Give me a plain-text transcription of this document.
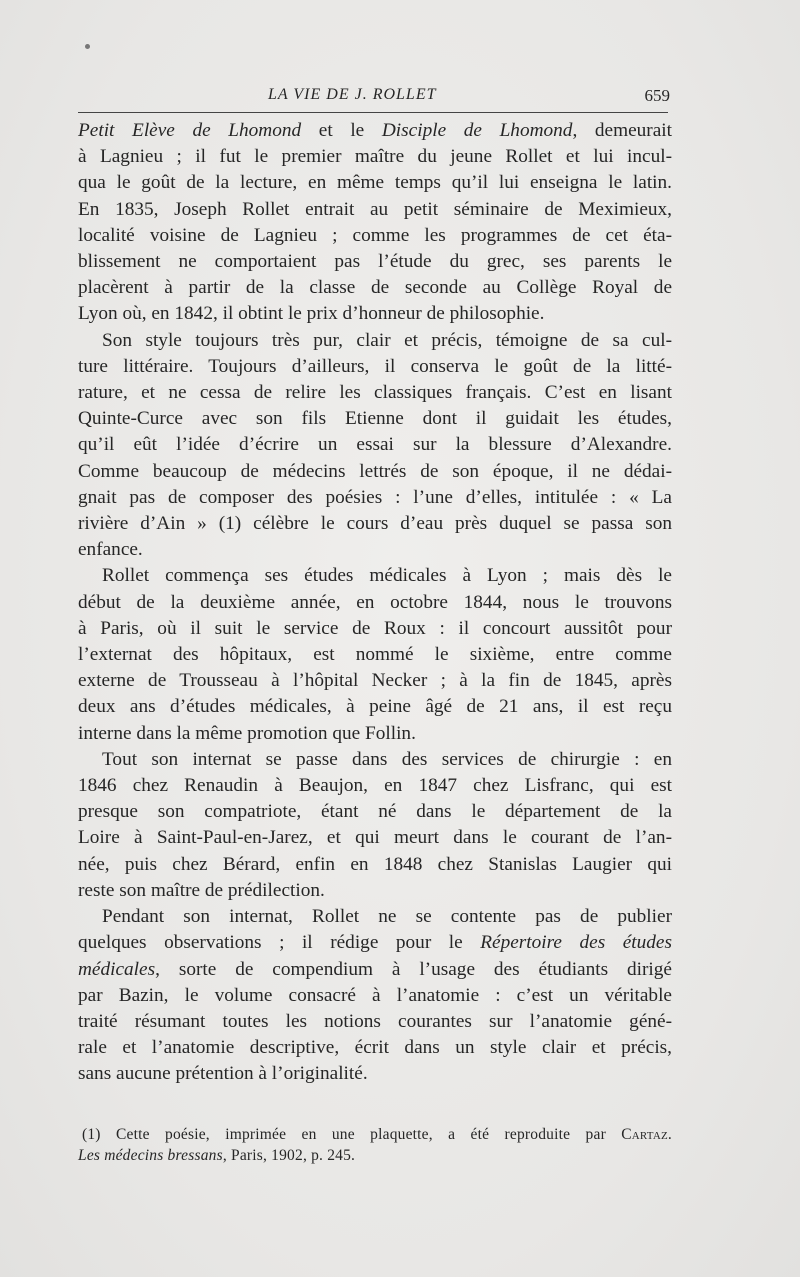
LA VIE DE J. ROLLET	659
Petit Elève de Lhomond et le Disciple de Lhomond, demeurait
à Lagnieu ; il fut le premier maître du jeune Rollet et lui incul-
qua le goût de la lecture, en même temps qu’il lui enseigna le latin.
En 1835, Joseph Rollet entrait au petit séminaire de Meximieux,
localité voisine de Lagnieu ; comme les programmes de cet éta-
blissement ne comportaient pas l’étude du grec, ses parents le
placèrent à partir de la classe de seconde au Collège Royal de
Lyon où, en 1842, il obtint le prix d’honneur de philosophie.
Son style toujours très pur, clair et précis, témoigne de sa cul-
ture littéraire. Toujours d’ailleurs, il conserva le goût de la litté-
rature, et ne cessa de relire les classiques français. C’est en lisant
Quinte-Curce avec son fils Etienne dont il guidait les études,
qu’il eût l’idée d’écrire un essai sur la blessure d’Alexandre.
Comme beaucoup de médecins lettrés de son époque, il ne dédai-
gnait pas de composer des poésies : l’une d’elles, intitulée : « La
rivière d’Ain » (1) célèbre le cours d’eau près duquel se passa son
enfance.
Rollet commença ses études médicales à Lyon ; mais dès le
début de la deuxième année, en octobre 1844, nous le trouvons
à Paris, où il suit le service de Roux : il concourt aussitôt pour
l’externat des hôpitaux, est nommé le sixième, entre comme
externe de Trousseau à l’hôpital Necker ; à la fin de 1845, après
deux ans d’études médicales, à peine âgé de 21 ans, il est reçu
interne dans la même promotion que Follin.
Tout son internat se passe dans des services de chirurgie : en
1846 chez Renaudin à Beaujon, en 1847 chez Lisfranc, qui est
presque son compatriote, étant né dans le département de la
Loire à Saint-Paul-en-Jarez, et qui meurt dans le courant de l’an-
née, puis chez Bérard, enfin en 1848 chez Stanislas Laugier qui
reste son maître de prédilection.
Pendant son internat, Rollet ne se contente pas de publier
quelques observations ; il rédige pour le Répertoire des études
médicales, sorte de compendium à l’usage des étudiants dirigé
par Bazin, le volume consacré à l’anatomie : c’est un véritable
traité résumant toutes les notions courantes sur l’anatomie géné-
rale et l’anatomie descriptive, écrit dans un style clair et précis,
sans aucune prétention à l’originalité.
(1) Cette poésie, imprimée en une plaquette, a été reproduite par Cartaz.
Les médecins bressans, Paris, 1902, p. 245.
